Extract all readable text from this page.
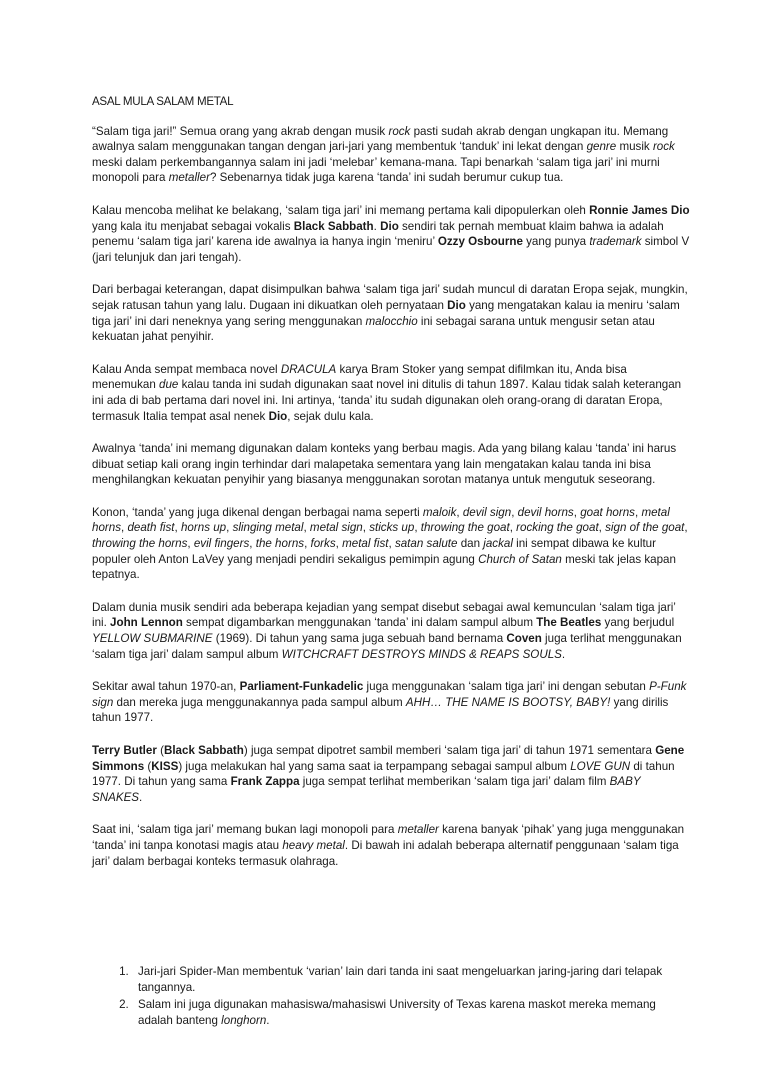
ASAL MULA SALAM METAL

“Salam tiga jari!” Semua orang yang akrab dengan musik rock pasti sudah akrab dengan ungkapan itu. Memang awalnya salam menggunakan tangan dengan jari-jari yang membentuk ‘tanduk’ ini lekat dengan genre musik rock meski dalam perkembangannya salam ini jadi ‘melebar’ kemana-mana. Tapi benarkah ‘salam tiga jari’ ini murni monopoli para metaller? Sebenarnya tidak juga karena ‘tanda’ ini sudah berumur cukup tua.

Kalau mencoba melihat ke belakang, ‘salam tiga jari’ ini memang pertama kali dipopulerkan oleh Ronnie James Dio yang kala itu menjabat sebagai vokalis Black Sabbath. Dio sendiri tak pernah membuat klaim bahwa ia adalah penemu ‘salam tiga jari’ karena ide awalnya ia hanya ingin ‘meniru’ Ozzy Osbourne yang punya trademark simbol V (jari telunjuk dan jari tengah).

Dari berbagai keterangan, dapat disimpulkan bahwa ‘salam tiga jari’ sudah muncul di daratan Eropa sejak, mungkin, sejak ratusan tahun yang lalu. Dugaan ini dikuatkan oleh pernyataan Dio yang mengatakan kalau ia meniru ‘salam tiga jari’ ini dari neneknya yang sering menggunakan malocchio ini sebagai sarana untuk mengusir setan atau kekuatan jahat penyihir.

Kalau Anda sempat membaca novel DRACULA karya Bram Stoker yang sempat difilmkan itu, Anda bisa menemukan due kalau tanda ini sudah digunakan saat novel ini ditulis di tahun 1897. Kalau tidak salah keterangan ini ada di bab pertama dari novel ini. Ini artinya, ‘tanda’ itu sudah digunakan oleh orang-orang di daratan Eropa, termasuk Italia tempat asal nenek Dio, sejak dulu kala.

Awalnya ‘tanda’ ini memang digunakan dalam konteks yang berbau magis. Ada yang bilang kalau ‘tanda’ ini harus dibuat setiap kali orang ingin terhindar dari malapetaka sementara yang lain mengatakan kalau tanda ini bisa menghilangkan kekuatan penyihir yang biasanya menggunakan sorotan matanya untuk mengutuk seseorang.

Konon, ‘tanda’ yang juga dikenal dengan berbagai nama seperti maloik, devil sign, devil horns, goat horns, metal horns, death fist, horns up, slinging metal, metal sign, sticks up, throwing the goat, rocking the goat, sign of the goat, throwing the horns, evil fingers, the horns, forks, metal fist, satan salute dan jackal ini sempat dibawa ke kultur populer oleh Anton LaVey yang menjadi pendiri sekaligus pemimpin agung Church of Satan meski tak jelas kapan tepatnya.

Dalam dunia musik sendiri ada beberapa kejadian yang sempat disebut sebagai awal kemunculan ‘salam tiga jari’ ini. John Lennon sempat digambarkan menggunakan ‘tanda’ ini dalam sampul album The Beatles yang berjudul YELLOW SUBMARINE (1969). Di tahun yang sama juga sebuah band bernama Coven juga terlihat menggunakan ‘salam tiga jari’ dalam sampul album WITCHCRAFT DESTROYS MINDS & REAPS SOULS.

Sekitar awal tahun 1970-an, Parliament-Funkadelic juga menggunakan ‘salam tiga jari’ ini dengan sebutan P-Funk sign dan mereka juga menggunakannya pada sampul album AHH… THE NAME IS BOOTSY, BABY! yang dirilis tahun 1977.

Terry Butler (Black Sabbath) juga sempat dipotret sambil memberi ‘salam tiga jari’ di tahun 1971 sementara Gene Simmons (KISS) juga melakukan hal yang sama saat ia terpampang sebagai sampul album LOVE GUN di tahun 1977. Di tahun yang sama Frank Zappa juga sempat terlihat memberikan ‘salam tiga jari’ dalam film BABY SNAKES.

Saat ini, ‘salam tiga jari’ memang bukan lagi monopoli para metaller karena banyak ‘pihak’ yang juga menggunakan ‘tanda’ ini tanpa konotasi magis atau heavy metal. Di bawah ini adalah beberapa alternatif penggunaan ‘salam tiga jari’ dalam berbagai konteks termasuk olahraga.

1. Jari-jari Spider-Man membentuk ‘varian’ lain dari tanda ini saat mengeluarkan jaring-jaring dari telapak tangannya.
2. Salam ini juga digunakan mahasiswa/mahasiswi University of Texas karena maskot mereka memang adalah banteng longhorn.
